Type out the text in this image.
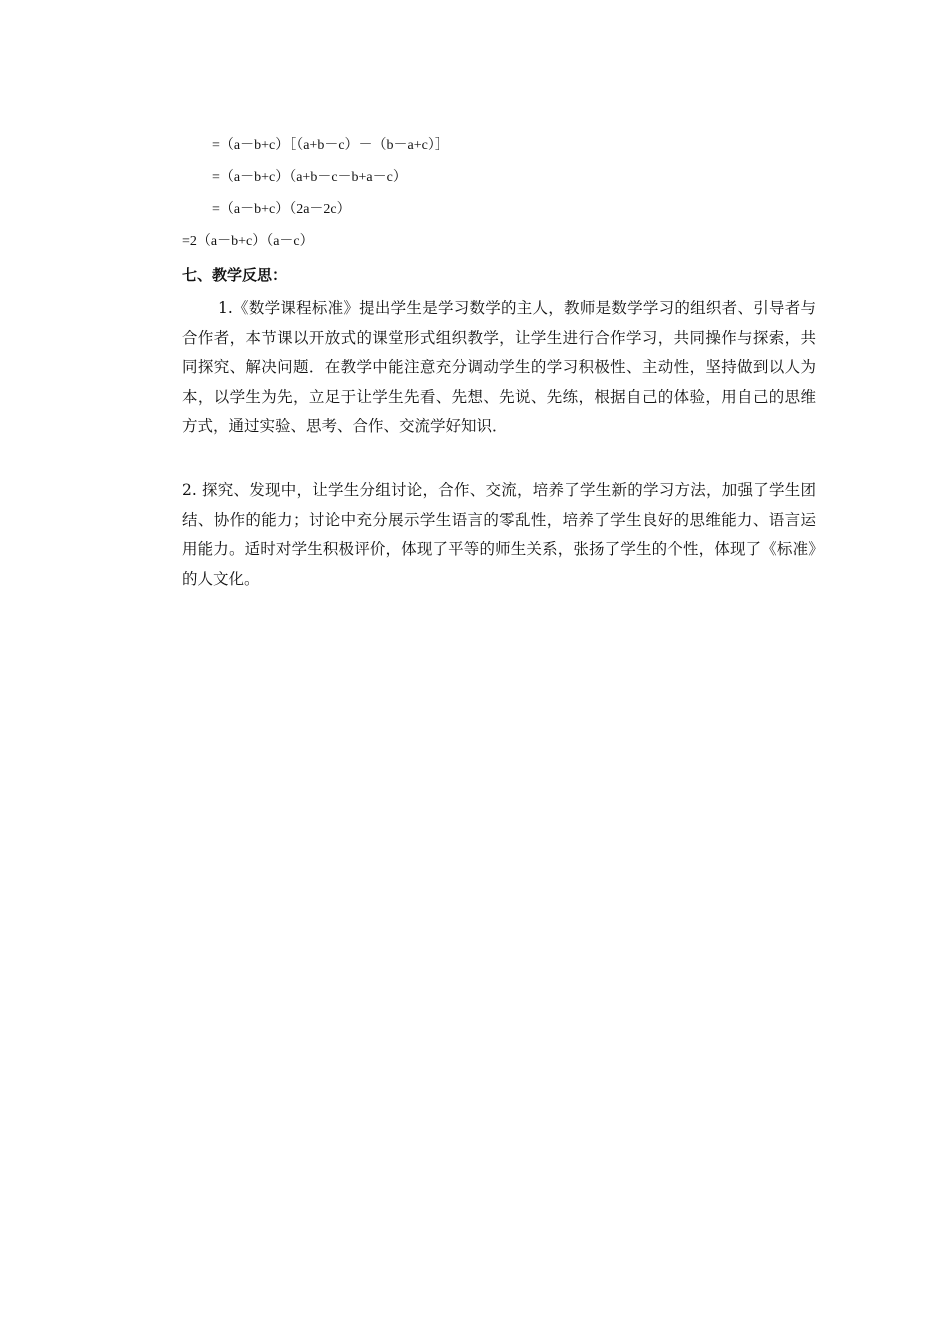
=（a－b+c）［（a+b－c）－（b－a+c）］
=（a－b+c）（a+b－c－b+a－c）
=（a－b+c）（2a－2c）
=2（a－b+c）（a－c）
七、教学反思：

1.《数学课程标准》提出学生是学习数学的主人，教师是数学学习的组织者、引导者与合作者，本节课以开放式的课堂形式组织教学，让学生进行合作学习，共同操作与探索，共同探究、解决问题．在教学中能注意充分调动学生的学习积极性、主动性，坚持做到以人为本，以学生为先，立足于让学生先看、先想、先说、先练，根据自己的体验，用自己的思维方式，通过实验、思考、合作、交流学好知识．

2. 探究、发现中，让学生分组讨论，合作、交流，培养了学生新的学习方法，加强了学生团结、协作的能力；讨论中充分展示学生语言的零乱性，培养了学生良好的思维能力、语言运用能力。适时对学生积极评价，体现了平等的师生关系，张扬了学生的个性，体现了《标准》的人文化。
